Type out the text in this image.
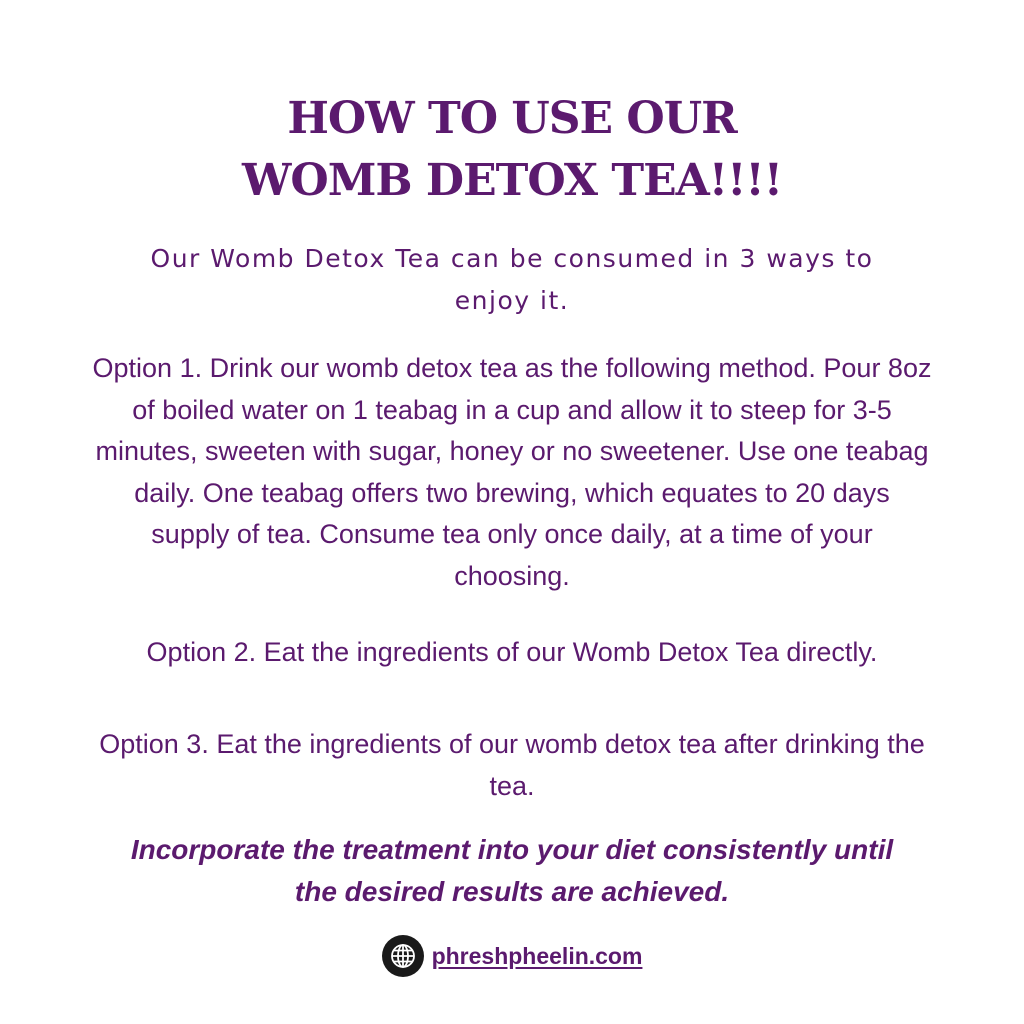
HOW TO USE OUR
WOMB DETOX TEA!!!!

Our Womb Detox Tea can be consumed in 3 ways to enjoy it.

Option 1. Drink our womb detox tea as the following method. Pour 8oz of boiled water on 1 teabag in a cup and allow it to steep for 3-5 minutes, sweeten with sugar, honey or no sweetener. Use one teabag daily. One teabag offers two brewing, which equates to 20 days supply of tea. Consume tea only once daily, at a time of your choosing.

Option 2. Eat the ingredients of our Womb Detox Tea directly.

Option 3. Eat the ingredients of our womb detox tea after drinking the tea.

Incorporate the treatment into your diet consistently until
the desired results are achieved.

phreshpheelin.com
